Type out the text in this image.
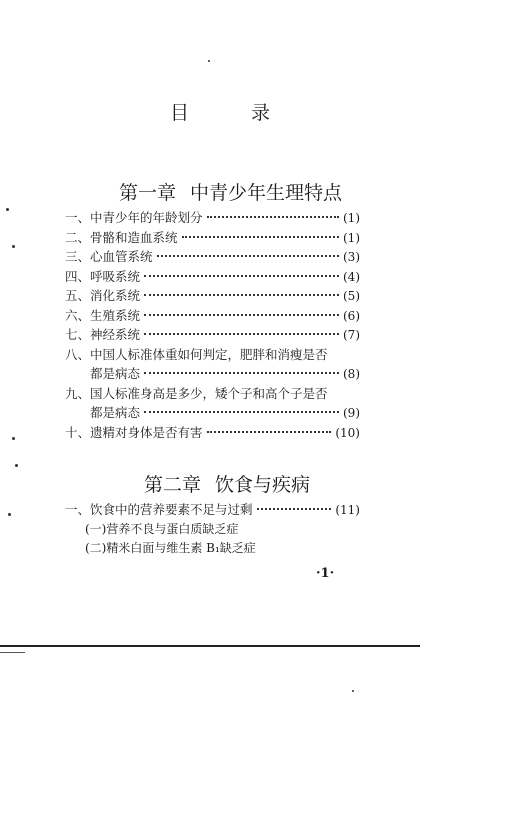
目	录
第一章 中青少年生理特点
一、中青少年的年龄划分	(1)
二、骨骼和造血系统	(1)
三、心血管系统	(3)
四、呼吸系统	(4)
五、消化系统	(5)
六、生殖系统	(6)
七、神经系统	(7)
八、中国人标准体重如何判定，肥胖和消瘦是否
都是病态	(8)
九、国人标准身高是多少，矮个子和高个子是否
都是病态	(9)
十、遗精对身体是否有害	(10)
第二章 饮食与疾病
一、饮食中的营养要素不足与过剩	(11)
(一)营养不良与蛋白质缺乏症
(二)精米白面与维生素 B₁缺乏症
·1·
